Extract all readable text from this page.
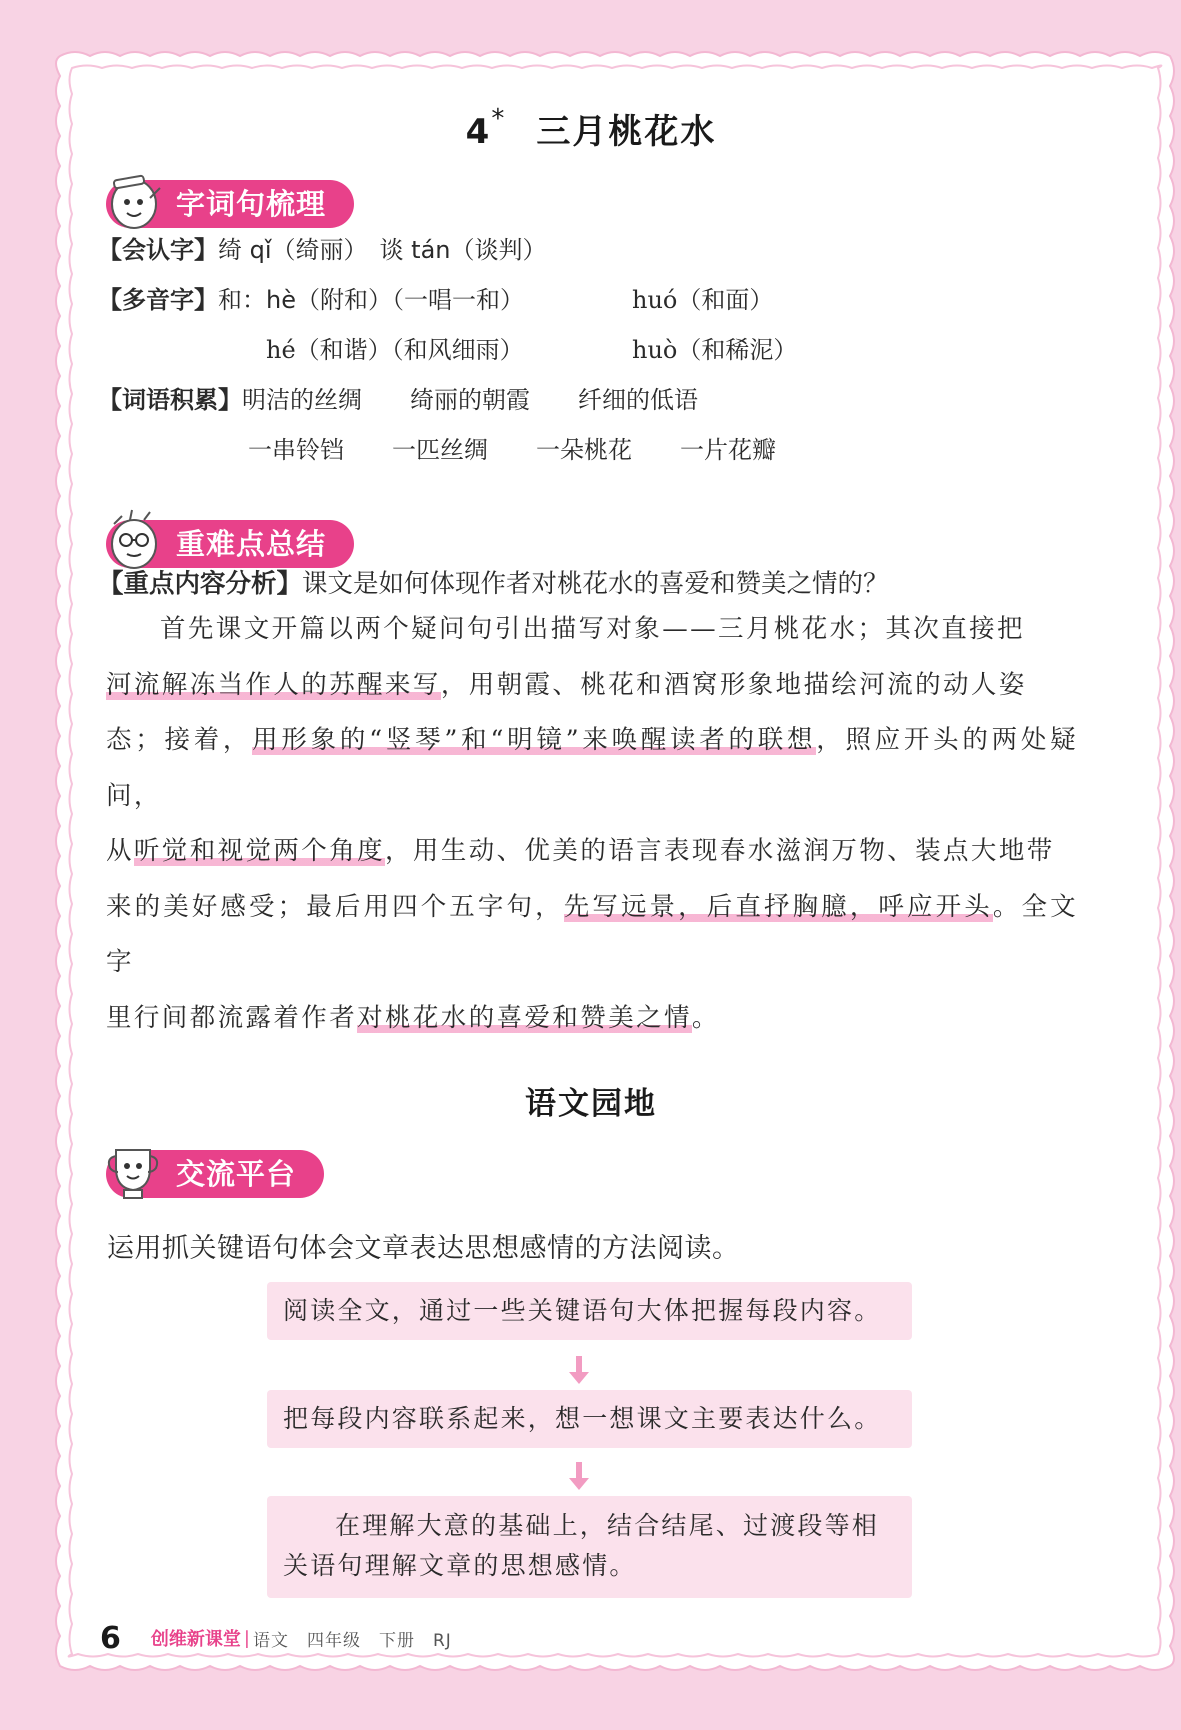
4* 三月桃花水
字词句梳理
【会认字】绮 qǐ（绮丽）　谈 tán（谈判）
【多音字】和：hè（附和）（一唱一和）	huó（和面）
hé（和谐）（和风细雨）	huò（和稀泥）
【词语积累】明洁的丝绸　　绮丽的朝霞　　纤细的低语
一串铃铛　　一匹丝绸　　一朵桃花　　一片花瓣
重难点总结
【重点内容分析】课文是如何体现作者对桃花水的喜爱和赞美之情的？
首先课文开篇以两个疑问句引出描写对象——三月桃花水；其次直接把
河流解冻当作人的苏醒来写，用朝霞、桃花和酒窝形象地描绘河流的动人姿
态；接着，用形象的“竖琴”和“明镜”来唤醒读者的联想，照应开头的两处疑问，
从听觉和视觉两个角度，用生动、优美的语言表现春水滋润万物、装点大地带
来的美好感受；最后用四个五字句，先写远景，后直抒胸臆，呼应开头。全文字
里行间都流露着作者对桃花水的喜爱和赞美之情。
语文园地
交流平台
运用抓关键语句体会文章表达思想感情的方法阅读。
阅读全文，通过一些关键语句大体把握每段内容。
把每段内容联系起来，想一想课文主要表达什么。
在理解大意的基础上，结合结尾、过渡段等相
关语句理解文章的思想感情。
6 创维新课堂 | 语文　四年级　下册　RJ
